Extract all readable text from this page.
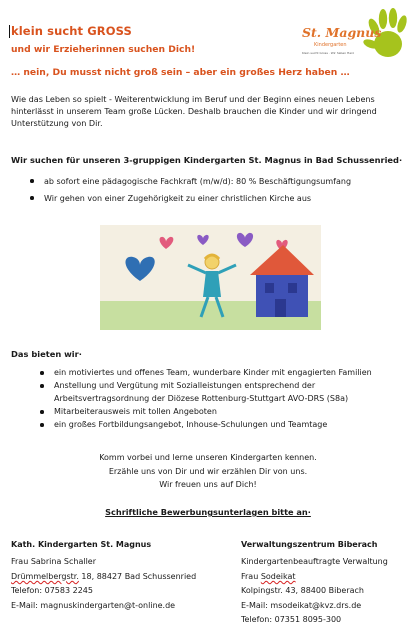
klein sucht GROSS
und wir Erzieherinnen suchen Dich!
… nein, Du musst nicht groß sein – aber ein großes Herz haben …
St. Magnus
Kindergarten
Klein sucht Gross · Wir haben Herz
Wie das Leben so spielt - Weiterentwicklung im Beruf und der Beginn eines neuen Lebens hinterlässt in unserem Team große Lücken. Deshalb brauchen die Kinder und wir dringend Unterstützung von Dir.
Wir suchen für unseren 3-gruppigen Kindergarten St. Magnus in Bad Schussenried·
ab sofort eine pädagogische Fachkraft (m/w/d): 80 % Beschäftigungsumfang
Wir gehen von einer Zugehörigkeit zu einer christlichen Kirche aus
Das bieten wir·
ein motiviertes und offenes Team, wunderbare Kinder mit engagierten Familien
Anstellung und Vergütung mit Sozialleistungen entsprechend der Arbeitsvertragsordnung der Diözese Rottenburg-Stuttgart AVO-DRS (S8a)
Mitarbeiterausweis mit tollen Angeboten
ein großes Fortbildungsangebot, Inhouse-Schulungen und Teamtage
Komm vorbei und lerne unseren Kindergarten kennen.
Erzähle uns von Dir und wir erzählen Dir von uns.
Wir freuen uns auf Dich!
Schriftliche Bewerbungsunterlagen bitte an·
Kath. Kindergarten St. Magnus
Frau Sabrina Schaller
Drümmelbergstr. 18, 88427 Bad Schussenried
Telefon: 07583 2245
E-Mail: magnuskindergarten@t-online.de
Verwaltungszentrum Biberach
Kindergartenbeauftragte Verwaltung
Frau Sodeikat
Kolpingstr. 43, 88400 Biberach
E-Mail: msodeikat@kvz.drs.de
Telefon: 07351 8095-300
